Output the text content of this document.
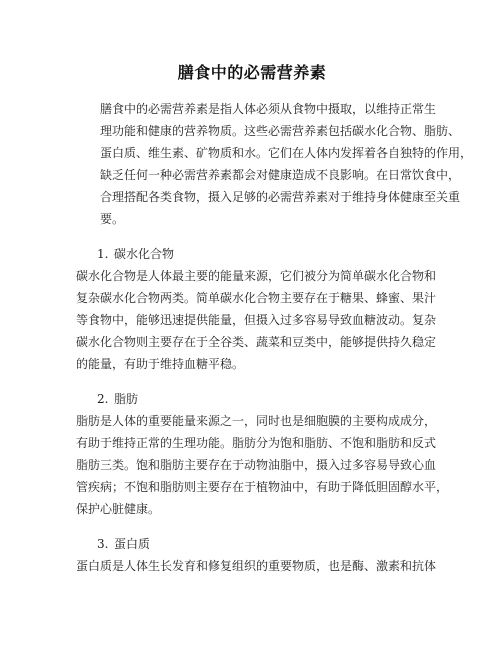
膳食中的必需营养素

膳食中的必需营养素是指人体必须从食物中摄取，以维持正常生
理功能和健康的营养物质。这些必需营养素包括碳水化合物、脂肪、
蛋白质、维生素、矿物质和水。它们在人体内发挥着各自独特的作用，
缺乏任何一种必需营养素都会对健康造成不良影响。在日常饮食中，
合理搭配各类食物，摄入足够的必需营养素对于维持身体健康至关重
要。

1. 碳水化合物

碳水化合物是人体最主要的能量来源，它们被分为简单碳水化合物和
复杂碳水化合物两类。简单碳水化合物主要存在于糖果、蜂蜜、果汁
等食物中，能够迅速提供能量，但摄入过多容易导致血糖波动。复杂
碳水化合物则主要存在于全谷类、蔬菜和豆类中，能够提供持久稳定
的能量，有助于维持血糖平稳。

2. 脂肪

脂肪是人体的重要能量来源之一，同时也是细胞膜的主要构成成分，
有助于维持正常的生理功能。脂肪分为饱和脂肪、不饱和脂肪和反式
脂肪三类。饱和脂肪主要存在于动物油脂中，摄入过多容易导致心血
管疾病；不饱和脂肪则主要存在于植物油中，有助于降低胆固醇水平，
保护心脏健康。

3. 蛋白质

蛋白质是人体生长发育和修复组织的重要物质，也是酶、激素和抗体
